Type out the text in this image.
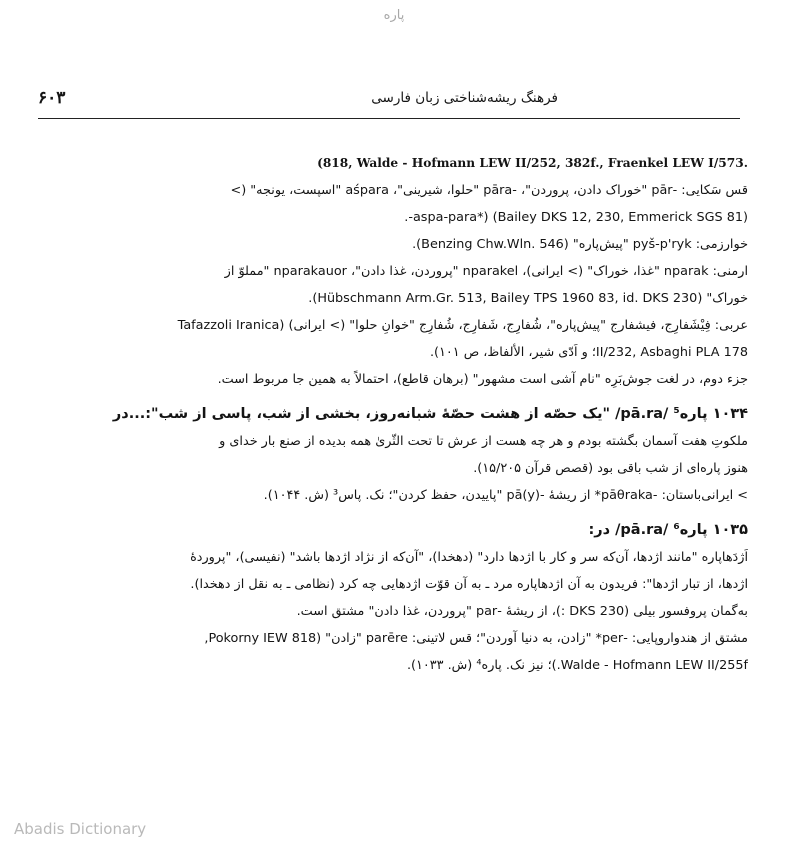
پاره
۶۰۳	فرهنگ ریشه‌شناختی زبان فارسی
(818, Walde - Hofmann LEW II/252, 382f., Fraenkel LEW I/573.
قس سَکایی: -pār "خوراک دادن، پروردن"، -pāra "حلوا، شیرینی"، aśpara "اسپست، یونجه" (>
(Bailey DKS 12, 230, Emmerick SGS 81) (*aspa-para-.
خوارزمی: pyš-p'ryk "پیش‌پاره" (Benzing Chw.Wln. 546).
ارمنی: nparak "غذا، خوراک" (> ایرانی)، nparakel "پروردن، غذا دادن"، nparakauor "مملوّ از
خوراک" (Hübschmann Arm.Gr. 513, Bailey TPS 1960 83, id. DKS 230).
عربی: فِیْشَفارِج، فیشفارج "پیش‌پاره"، شُفارِج، شَفارِج، شُفارِج "خوانِ حلوا" (> ایرانی) (Tafazzoli Iranica
178 II/232, Asbaghi PLA؛ و اَدّی شیر، الألفاظ، ص ۱۰۱).
جزء دوم، در لغت جوش‌بَرِه "نام آشی است مشهور" (برهان قاطع)، احتمالاً به همین جا مربوط است.
۱۰۳۴ پاره⁵ /pā.ra/ "یک حصّه از هشت حصّهٔ شبانه‌روز، بخشی از شب، پاسی از شب":...در
ملکوتِ هفت آسمان بگشته بودم و هر چه هست از عرش تا تحت الثّریٰ همه بدیده از صنع بار خدای و
هنوز پاره‌ای از شب باقی بود (قصص قرآن ۱۵/۲۰۵).
> ایرانی‌باستان: -pāθraka* از ریشهٔ -pā(y) "پاییدن، حفظ کردن"؛ نک. پاس³ (ش. ۱۰۴۴).
۱۰۳۵ پاره⁶ /pā.ra/ در:
اَژدَهاپاره "مانند اژدها، آن‌که سر و کار با اژدها دارد" (دهخدا)، "آن‌که از نژاد اژدها باشد" (نفیسی)، "پروردهٔ
اژدها، از تبار اژدها": فریدون به آن اژدهاپاره مرد ـ به آن قوّت اژدهایی چه کرد (نظامی ـ به نقل از دهخدا).
به‌گمان پروفسور بیلی (DKS 230 :)، از ریشهٔ -par "پروردن، غذا دادن" مشتق است.
مشتق از هندواروپایی: -per* "زادن، به دنیا آوردن"؛ قس لاتینی: parēre "زادن" (Pokorny IEW 818,
Walde - Hofmann LEW II/255f.)؛ نیز نک. پاره⁴ (ش. ۱۰۳۳).
Abadis Dictionary
